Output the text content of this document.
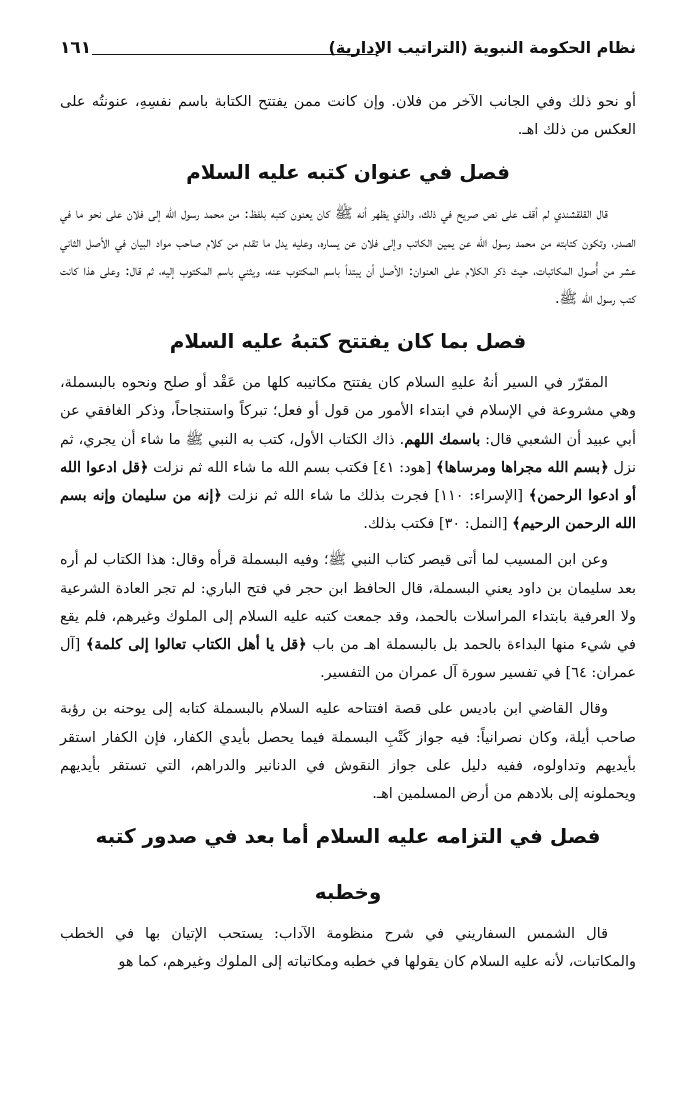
نظام الحكومة النبوية (التراتيب الإدارية)
١٦١

أو نحو ذلك وفي الجانب الآخر من فلان. وإن كانت ممن يفتتح الكتابة باسم نفسِهِ، عنونتُه على العكس من ذلك اهـ.

فصل في عنوان كتبه عليه السلام

قال القلقشندي لم أقف على نص صريح في ذلك، والذي يظهر أنه ﷺ كان يعنون كتبه بلفظ: من محمد رسول الله إلى فلان على نحو ما في الصدر، وتكون كتابته من محمد رسول الله عن يمين الكاتب وإلى فلان عن يساره، وعليه يدل ما تقدم من كلام صاحب مواد البيان في الأصل الثاني عشر من أُصول المكاتبات، حيث ذكر الكلام على العنوان: الأصل أن يبتدأ باسم المكتوب عنه، ويثني باسم المكتوب إليه، ثم قال: وعلى هذا كانت كتب رسول الله ﷺ.

فصل بما كان يفتتح كتبهُ عليه السلام

المقرّر في السير أنهُ عليهِ السلام كان يفتتح مكاتيبه كلها من عَقْد أو صلح ونحوه بالبسملة، وهي مشروعة في الإسلام في ابتداء الأمور من قول أو فعل؛ تبركاً واستنجاحاً، وذكر الغافقي عن أبي عبيد أن الشعبي قال: باسمك اللهم. ذاك الكتاب الأول، كتب به النبي ﷺ ما شاء أن يجري، ثم نزل ﴿بسم الله مجراها ومرساها﴾ [هود: ٤١] فكتب بسم الله ما شاء الله ثم نزلت ﴿قل ادعوا الله أو ادعوا الرحمن﴾ [الإسراء: ١١٠] فجرت بذلك ما شاء الله ثم نزلت ﴿إنه من سليمان وإنه بسم الله الرحمن الرحيم﴾ [النمل: ٣٠] فكتب بذلك.

وعن ابن المسيب لما أتى قيصر كتاب النبي ﷺ؛ وفيه البسملة قرأه وقال: هذا الكتاب لم أره بعد سليمان بن داود يعني البسملة، قال الحافظ ابن حجر في فتح الباري: لم تجر العادة الشرعية ولا العرفية بابتداء المراسلات بالحمد، وقد جمعت كتبه عليه السلام إلى الملوك وغيرهم، فلم يقع في شيء منها البداءة بالحمد بل بالبسملة اهـ من باب ﴿قل يا أهل الكتاب تعالوا إلى كلمة﴾ [آل عمران: ٦٤] في تفسير سورة آل عمران من التفسير.

وقال القاضي ابن باديس على قصة افتتاحه عليه السلام بالبسملة كتابه إلى يوحنه بن رؤبة صاحب أيلة، وكان نصرانياً: فيه جواز كَتْبِ البسملة فيما يحصل بأيدي الكفار، فإن الكفار استقر بأيديهم وتداولوه، ففيه دليل على جواز النقوش في الدنانير والدراهم، التي تستقر بأيديهم ويحملونه إلى بلادهم من أرض المسلمين اهـ.

فصل في التزامه عليه السلام أما بعد في صدور كتبه وخطبه

قال الشمس السفاريني في شرح منظومة الآداب: يستحب الإتيان بها في الخطب والمكاتبات، لأنه عليه السلام كان يقولها في خطبه ومكاتباته إلى الملوك وغيرهم، كما هو
